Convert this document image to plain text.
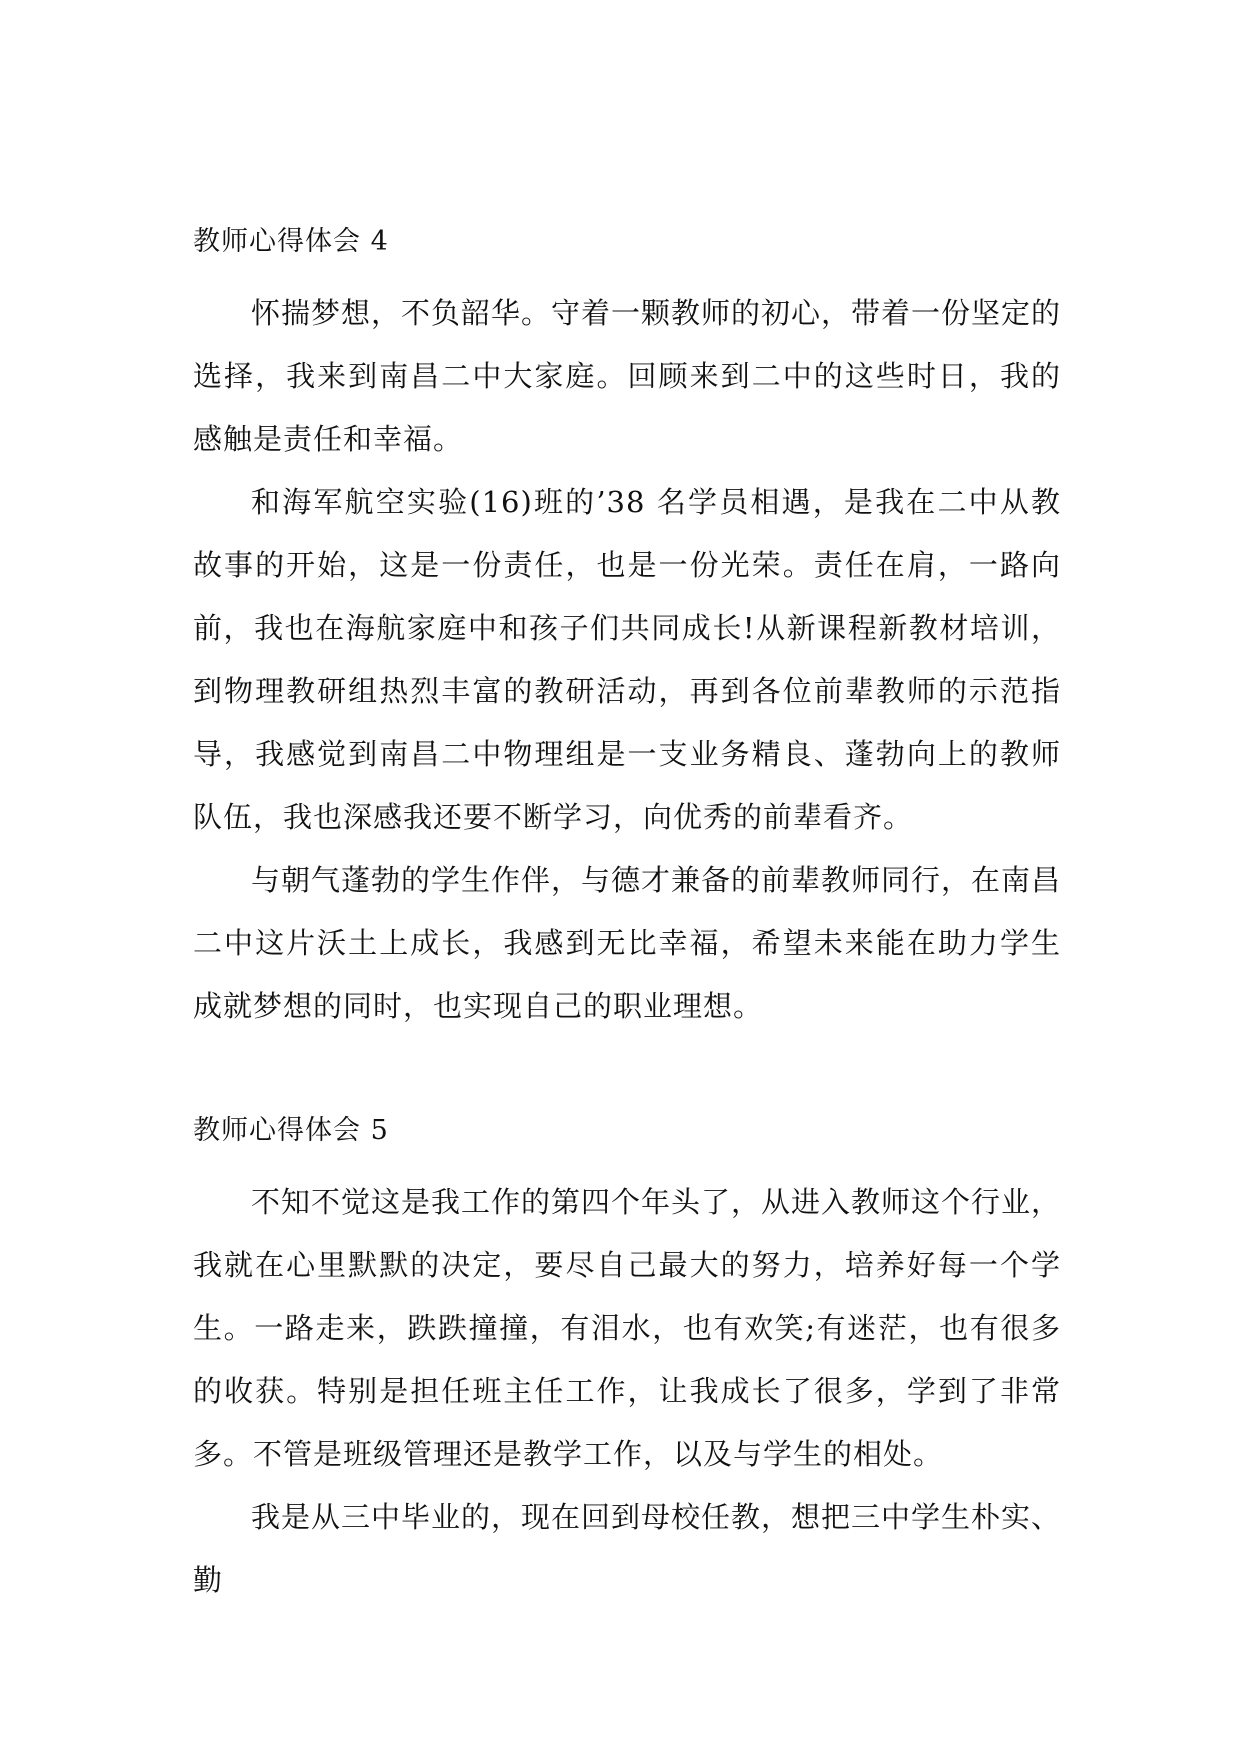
教师心得体会 4

怀揣梦想，不负韶华。守着一颗教师的初心，带着一份坚定的选择，我来到南昌二中大家庭。回顾来到二中的这些时日，我的感触是责任和幸福。

和海军航空实验(16)班的’38 名学员相遇，是我在二中从教故事的开始，这是一份责任，也是一份光荣。责任在肩，一路向前，我也在海航家庭中和孩子们共同成长!从新课程新教材培训，到物理教研组热烈丰富的教研活动，再到各位前辈教师的示范指导，我感觉到南昌二中物理组是一支业务精良、蓬勃向上的教师队伍，我也深感我还要不断学习，向优秀的前辈看齐。

与朝气蓬勃的学生作伴，与德才兼备的前辈教师同行，在南昌二中这片沃土上成长，我感到无比幸福，希望未来能在助力学生成就梦想的同时，也实现自己的职业理想。

教师心得体会 5

不知不觉这是我工作的第四个年头了，从进入教师这个行业，我就在心里默默的决定，要尽自己最大的努力，培养好每一个学生。一路走来，跌跌撞撞，有泪水，也有欢笑;有迷茫，也有很多的收获。特别是担任班主任工作，让我成长了很多，学到了非常多。不管是班级管理还是教学工作，以及与学生的相处。

我是从三中毕业的，现在回到母校任教，想把三中学生朴实、勤
